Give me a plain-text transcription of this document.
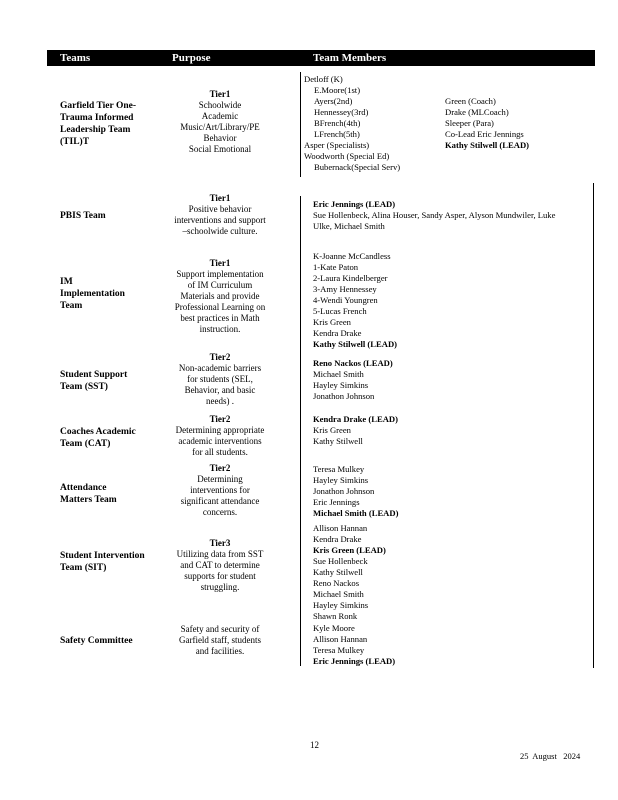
Teams	Purpose	Team Members
Garfield Tier One-Trauma Informed Leadership Team (TIL)T
Tier1
Schoolwide
Academic
Music/Art/Library/PE
Behavior
Social Emotional
Detloff (K)
E.Moore(1st)
Ayers(2nd)
Hennessey(3rd)
BFrench(4th)
LFrench(5th)
Asper (Specialists)
Woodworth (Special Ed)
Bubernack(Special Serv)
Green (Coach)
Drake (MLCoach)
Sleeper (Para)
Co-Lead Eric Jennings
Kathy Stilwell (LEAD)
PBIS Team
Tier1
Positive behavior
interventions and support
–schoolwide culture.
Eric Jennings (LEAD)
Sue Hollenbeck, Alina Houser, Sandy Asper, Alyson Mundwiler, Luke
Ulke, Michael Smith
IM Implementation Team
Tier1
Support implementation
of IM Curriculum
Materials and provide
Professional Learning on
best practices in Math
instruction.
K-Joanne McCandless
1-Kate Paton
2-Laura Kindelberger
3-Amy Hennessey
4-Wendi Youngren
5-Lucas French
Kris Green
Kendra Drake
Kathy Stilwell (LEAD)
Student Support Team (SST)
Tier2
Non-academic barriers
for students (SEL,
Behavior, and basic
needs) .
Reno Nackos (LEAD)
Michael Smith
Hayley Simkins
Jonathon Johnson
Coaches Academic Team (CAT)
Tier2
Determining appropriate
academic interventions
for all students.
Kendra Drake (LEAD)
Kris Green
Kathy Stilwell
Attendance Matters Team
Tier2
Determining
interventions for
significant attendance
concerns.
Teresa Mulkey
Hayley Simkins
Jonathon Johnson
Eric Jennings
Michael Smith (LEAD)
Student Intervention Team (SIT)
Tier3
Utilizing data from SST
and CAT to determine
supports for student
struggling.
Allison Hannan
Kendra Drake
Kris Green (LEAD)
Sue Hollenbeck
Kathy Stilwell
Reno Nackos
Michael Smith
Hayley Simkins
Shawn Ronk
Safety Committee
Safety and security of
Garfield staff, students
and facilities.
Kyle Moore
Allison Hannan
Teresa Mulkey
Eric Jennings (LEAD)
12
25  August   2024
